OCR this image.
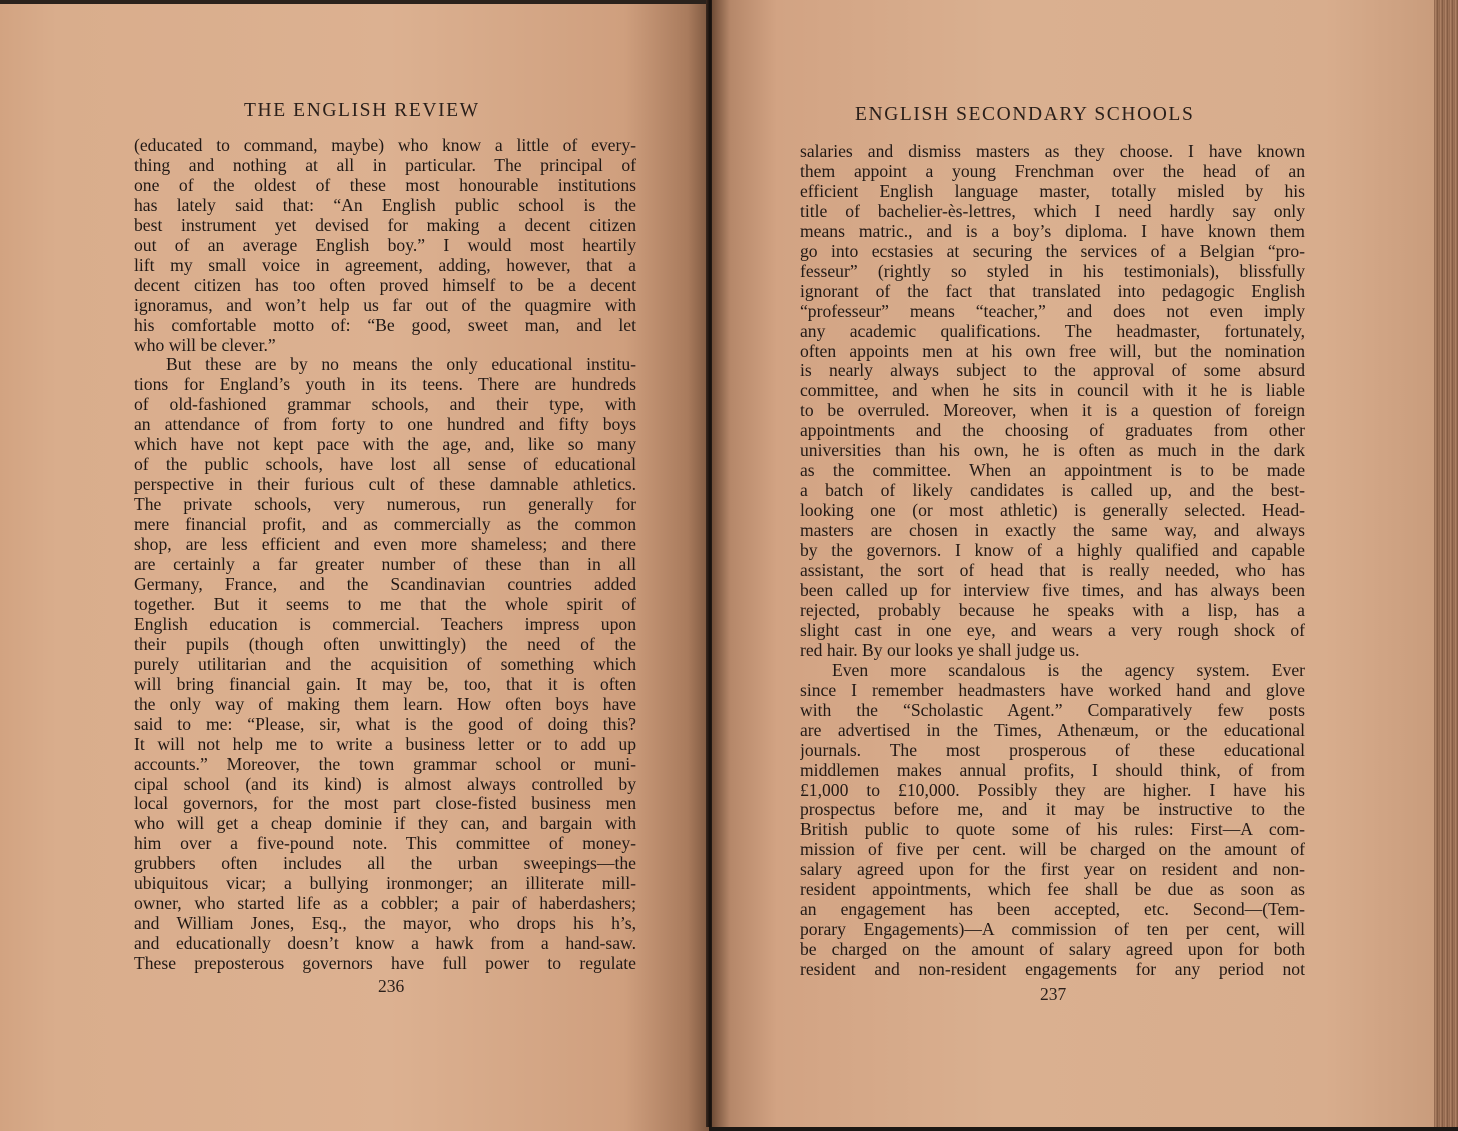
THE ENGLISH REVIEW
(educated to command, maybe) who know a little of every-
thing and nothing at all in particular. The principal of
one of the oldest of these most honourable institutions
has lately said that: “An English public school is the
best instrument yet devised for making a decent citizen
out of an average English boy.” I would most heartily
lift my small voice in agreement, adding, however, that a
decent citizen has too often proved himself to be a decent
ignoramus, and won’t help us far out of the quagmire with
his comfortable motto of: “Be good, sweet man, and let
who will be clever.”
But these are by no means the only educational institu-
tions for England’s youth in its teens. There are hundreds
of old-fashioned grammar schools, and their type, with
an attendance of from forty to one hundred and fifty boys
which have not kept pace with the age, and, like so many
of the public schools, have lost all sense of educational
perspective in their furious cult of these damnable athletics.
The private schools, very numerous, run generally for
mere financial profit, and as commercially as the common
shop, are less efficient and even more shameless; and there
are certainly a far greater number of these than in all
Germany, France, and the Scandinavian countries added
together. But it seems to me that the whole spirit of
English education is commercial. Teachers impress upon
their pupils (though often unwittingly) the need of the
purely utilitarian and the acquisition of something which
will bring financial gain. It may be, too, that it is often
the only way of making them learn. How often boys have
said to me: “Please, sir, what is the good of doing this?
It will not help me to write a business letter or to add up
accounts.” Moreover, the town grammar school or muni-
cipal school (and its kind) is almost always controlled by
local governors, for the most part close-fisted business men
who will get a cheap dominie if they can, and bargain with
him over a five-pound note. This committee of money-
grubbers often includes all the urban sweepings—the
ubiquitous vicar; a bullying ironmonger; an illiterate mill-
owner, who started life as a cobbler; a pair of haberdashers;
and William Jones, Esq., the mayor, who drops his h’s,
and educationally doesn’t know a hawk from a hand-saw.
These preposterous governors have full power to regulate
236
ENGLISH SECONDARY SCHOOLS
salaries and dismiss masters as they choose. I have known
them appoint a young Frenchman over the head of an
efficient English language master, totally misled by his
title of bachelier-ès-lettres, which I need hardly say only
means matric., and is a boy’s diploma. I have known them
go into ecstasies at securing the services of a Belgian “pro-
fesseur” (rightly so styled in his testimonials), blissfully
ignorant of the fact that translated into pedagogic English
“professeur” means “teacher,” and does not even imply
any academic qualifications. The headmaster, fortunately,
often appoints men at his own free will, but the nomination
is nearly always subject to the approval of some absurd
committee, and when he sits in council with it he is liable
to be overruled. Moreover, when it is a question of foreign
appointments and the choosing of graduates from other
universities than his own, he is often as much in the dark
as the committee. When an appointment is to be made
a batch of likely candidates is called up, and the best-
looking one (or most athletic) is generally selected. Head-
masters are chosen in exactly the same way, and always
by the governors. I know of a highly qualified and capable
assistant, the sort of head that is really needed, who has
been called up for interview five times, and has always been
rejected, probably because he speaks with a lisp, has a
slight cast in one eye, and wears a very rough shock of
red hair. By our looks ye shall judge us.
Even more scandalous is the agency system. Ever
since I remember headmasters have worked hand and glove
with the “Scholastic Agent.” Comparatively few posts
are advertised in the Times, Athenæum, or the educational
journals. The most prosperous of these educational
middlemen makes annual profits, I should think, of from
£1,000 to £10,000. Possibly they are higher. I have his
prospectus before me, and it may be instructive to the
British public to quote some of his rules: First—A com-
mission of five per cent. will be charged on the amount of
salary agreed upon for the first year on resident and non-
resident appointments, which fee shall be due as soon as
an engagement has been accepted, etc. Second—(Tem-
porary Engagements)—A commission of ten per cent, will
be charged on the amount of salary agreed upon for both
resident and non-resident engagements for any period not
237
